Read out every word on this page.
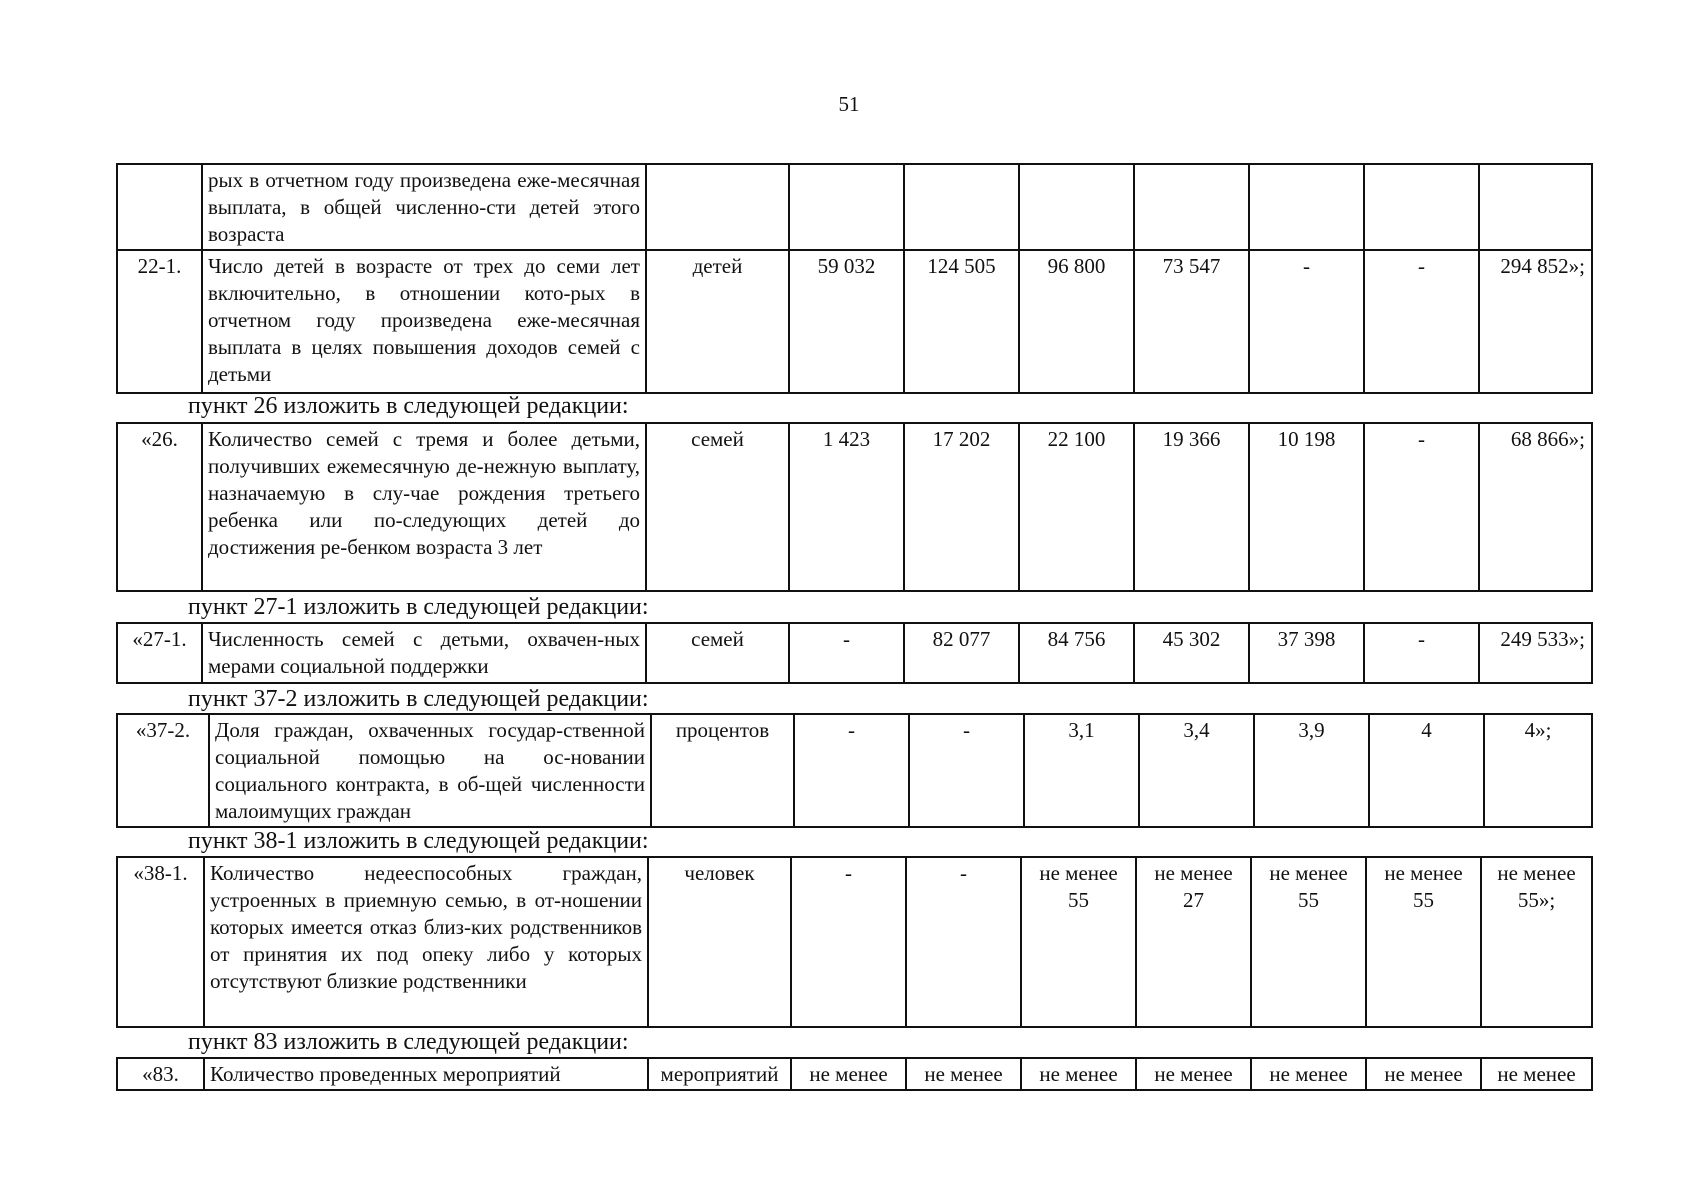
51
	рых в отчетном году произведена еже-месячная выплата, в общей численно-сти детей этого возраста								
22-1.	Число детей в возрасте от трех до семи лет включительно, в отношении кото-рых в отчетном году произведена еже-месячная выплата в целях повышения доходов семей с детьми	детей	59 032	124 505	96 800	73 547	-	-	294 852»;
пункт 26 изложить в следующей редакции:
«26.	Количество семей с тремя и более детьми, получивших ежемесячную де-нежную выплату, назначаемую в слу-чае рождения третьего ребенка или по-следующих детей до достижения ре-бенком возраста 3 лет	семей	1 423	17 202	22 100	19 366	10 198	-	68 866»;
пункт 27-1 изложить в следующей редакции:
«27-1.	Численность семей с детьми, охвачен-ных мерами социальной поддержки	семей	-	82 077	84 756	45 302	37 398	-	249 533»;
пункт 37-2 изложить в следующей редакции:
«37-2.	Доля граждан, охваченных государ-ственной социальной помощью на ос-новании социального контракта, в об-щей численности малоимущих граждан	процентов	-	-	3,1	3,4	3,9	4	4»;
пункт 38-1 изложить в следующей редакции:
«38-1.	Количество недееспособных граждан, устроенных в приемную семью, в от-ношении которых имеется отказ близ-ких родственников от принятия их под опеку либо у которых отсутствуют близкие родственники	человек	-	-	не менее 55	не менее 27	не менее 55	не менее 55	не менее 55»;
пункт 83 изложить в следующей редакции:
«83.	Количество проведенных мероприятий	мероприятий	не менее	не менее	не менее	не менее	не менее	не менее	не менее
